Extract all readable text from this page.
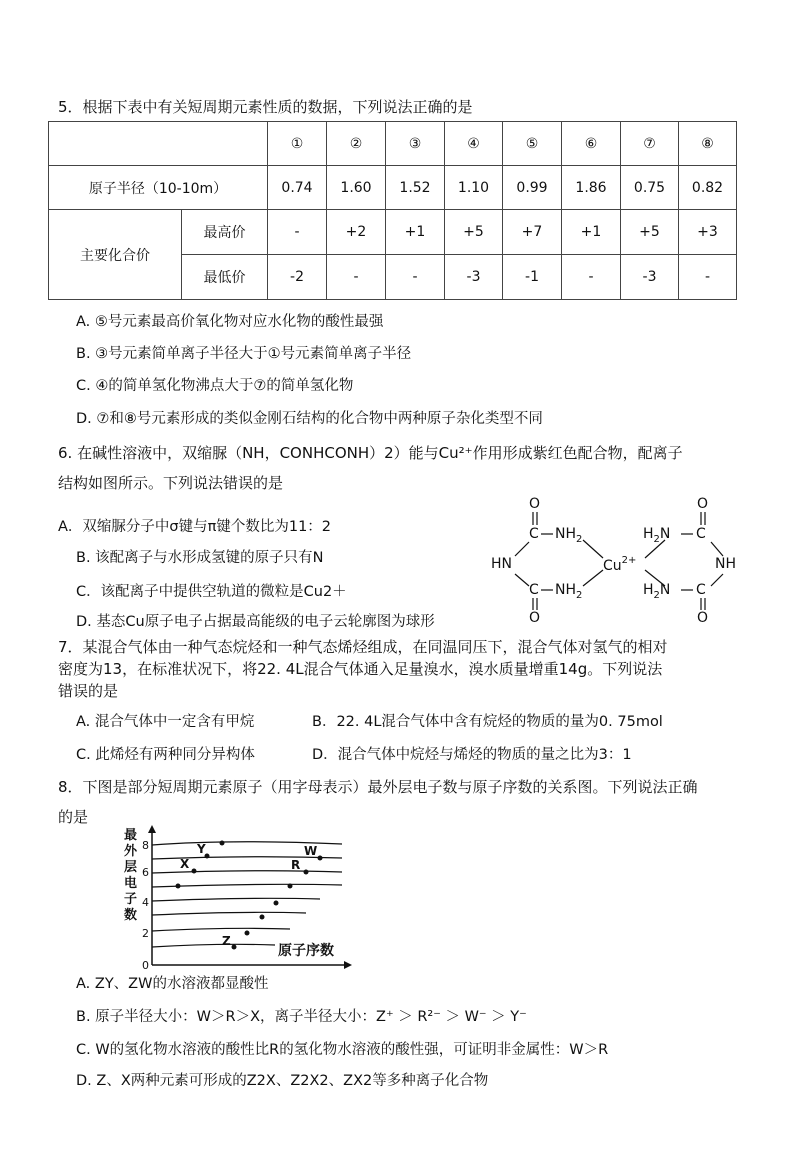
5．根据下表中有关短周期元素性质的数据，下列说法正确的是
		①	②	③	④	⑤	⑥	⑦	⑧
原子半径（10-10m）		0.74	1.60	1.52	1.10	0.99	1.86	0.75	0.82
主要化合价	最高价	-	+2	+1	+5	+7	+1	+5	+3
	最低价	-2	-	-	-3	-1	-	-3	-
A. ⑤号元素最高价氧化物对应水化物的酸性最强
B. ③号元素简单离子半径大于①号元素简单离子半径
C. ④的简单氢化物沸点大于⑦的简单氢化物
D. ⑦和⑧号元素形成的类似金刚石结构的化合物中两种原子杂化类型不同
6. 在碱性溶液中，双缩脲（NH，CONHCONH）2）能与Cu²⁺作用形成紫红色配合物，配离子
结构如图所示。下列说法错误的是
A．双缩脲分子中σ键与π键个数比为11：2
B. 该配离子与水形成氢键的原子只有N
C．该配离子中提供空轨道的微粒是Cu2＋
D. 基态Cu原子电子占据最高能级的电子云轮廓图为球形
O
C $NH_2$
HN
C $NH_2$
O
$Cu^{2+}$
O
$H_2N$ C
NH
$H_2N$ C
O
7．某混合气体由一种气态烷烃和一种气态烯烃组成，在同温同压下，混合气体对氢气的相对
密度为13，在标准状况下，将22. 4L混合气体通入足量溴水，溴水质量增重14g。下列说法
错误的是
A. 混合气体中一定含有甲烷	B．22. 4L混合气体中含有烷烃的物质的量为0. 75mol
C. 此烯烃有两种同分异构体	D．混合气体中烷烃与烯烃的物质的量之比为3：1
8．下图是部分短周期元素原子（用字母表示）最外层电子数与原子序数的关系图。下列说法正确
的是
最
外
层
电
子
数
8
6
4
2
0
Y
X
W
R
Z
原子序数
A. ZY、ZW的水溶液都显酸性
B. 原子半径大小：W＞R＞X，离子半径大小：Z⁺ ＞ R²⁻ ＞ W⁻ ＞ Y⁻
C. W的氢化物水溶液的酸性比R的氢化物水溶液的酸性强，可证明非金属性：W＞R
D. Z、X两种元素可形成的Z2X、Z2X2、ZX2等多种离子化合物
